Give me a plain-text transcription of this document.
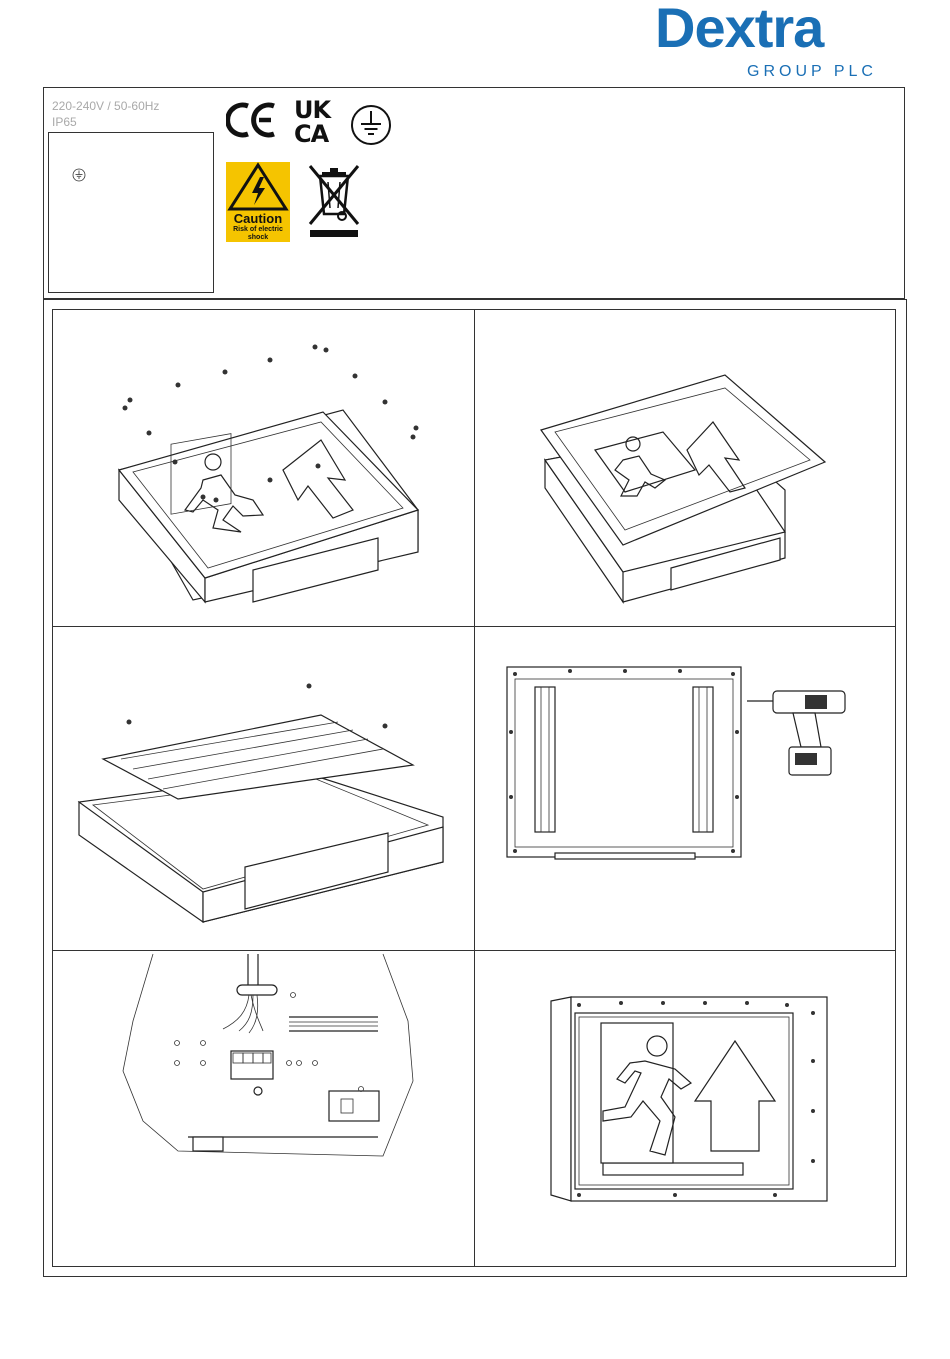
Dextra
GROUP PLC
220-240V / 50-60Hz
IP65	UK
CA
Caution
Risk of electric
shock
